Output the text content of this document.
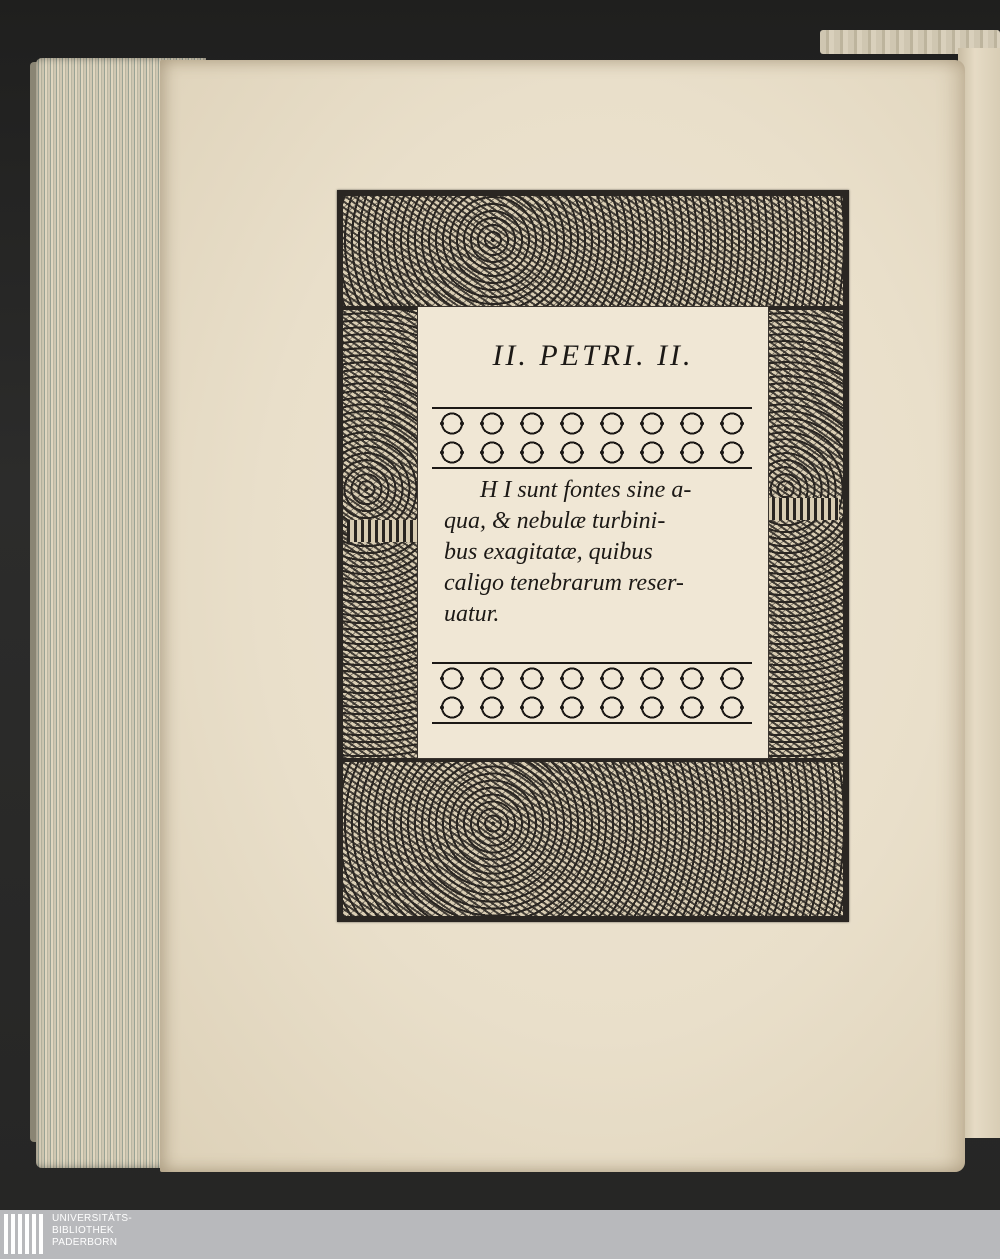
II. PETRI. II.
H I sunt fontes sine a-
qua, & nebulæ turbini-
bus exagitatæ, quibus
caligo tenebrarum reser-
uatur.
UNIVERSITÄTS-
BIBLIOTHEK
PADERBORN
